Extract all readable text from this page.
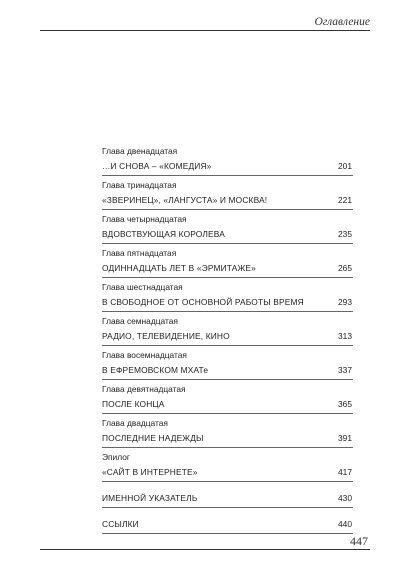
Оглавление
Глава двенадцатая
…И СНОВА – «КОМЕДИЯ»	201
Глава тринадцатая
«ЗВЕРИНЕЦ», «ЛАНГУСТА» И МОСКВА!	221
Глава четырнадцатая
ВДОВСТВУЮЩАЯ КОРОЛЕВА	235
Глава пятнадцатая
ОДИННАДЦАТЬ ЛЕТ В «ЭРМИТАЖЕ»	265
Глава шестнадцатая
В СВОБОДНОЕ ОТ ОСНОВНОЙ РАБОТЫ ВРЕМЯ	293
Глава семнадцатая
РАДИО, ТЕЛЕВИДЕНИЕ, КИНО	313
Глава восемнадцатая
В ЕФРЕМОВСКОМ МХАТе	337
Глава девятнадцатая
ПОСЛЕ КОНЦА	365
Глава двадцатая
ПОСЛЕДНИЕ НАДЕЖДЫ	391
Эпилог
«САЙТ В ИНТЕРНЕТЕ»	417
ИМЕННОЙ УКАЗАТЕЛЬ	430
ССЫЛКИ	440
447
